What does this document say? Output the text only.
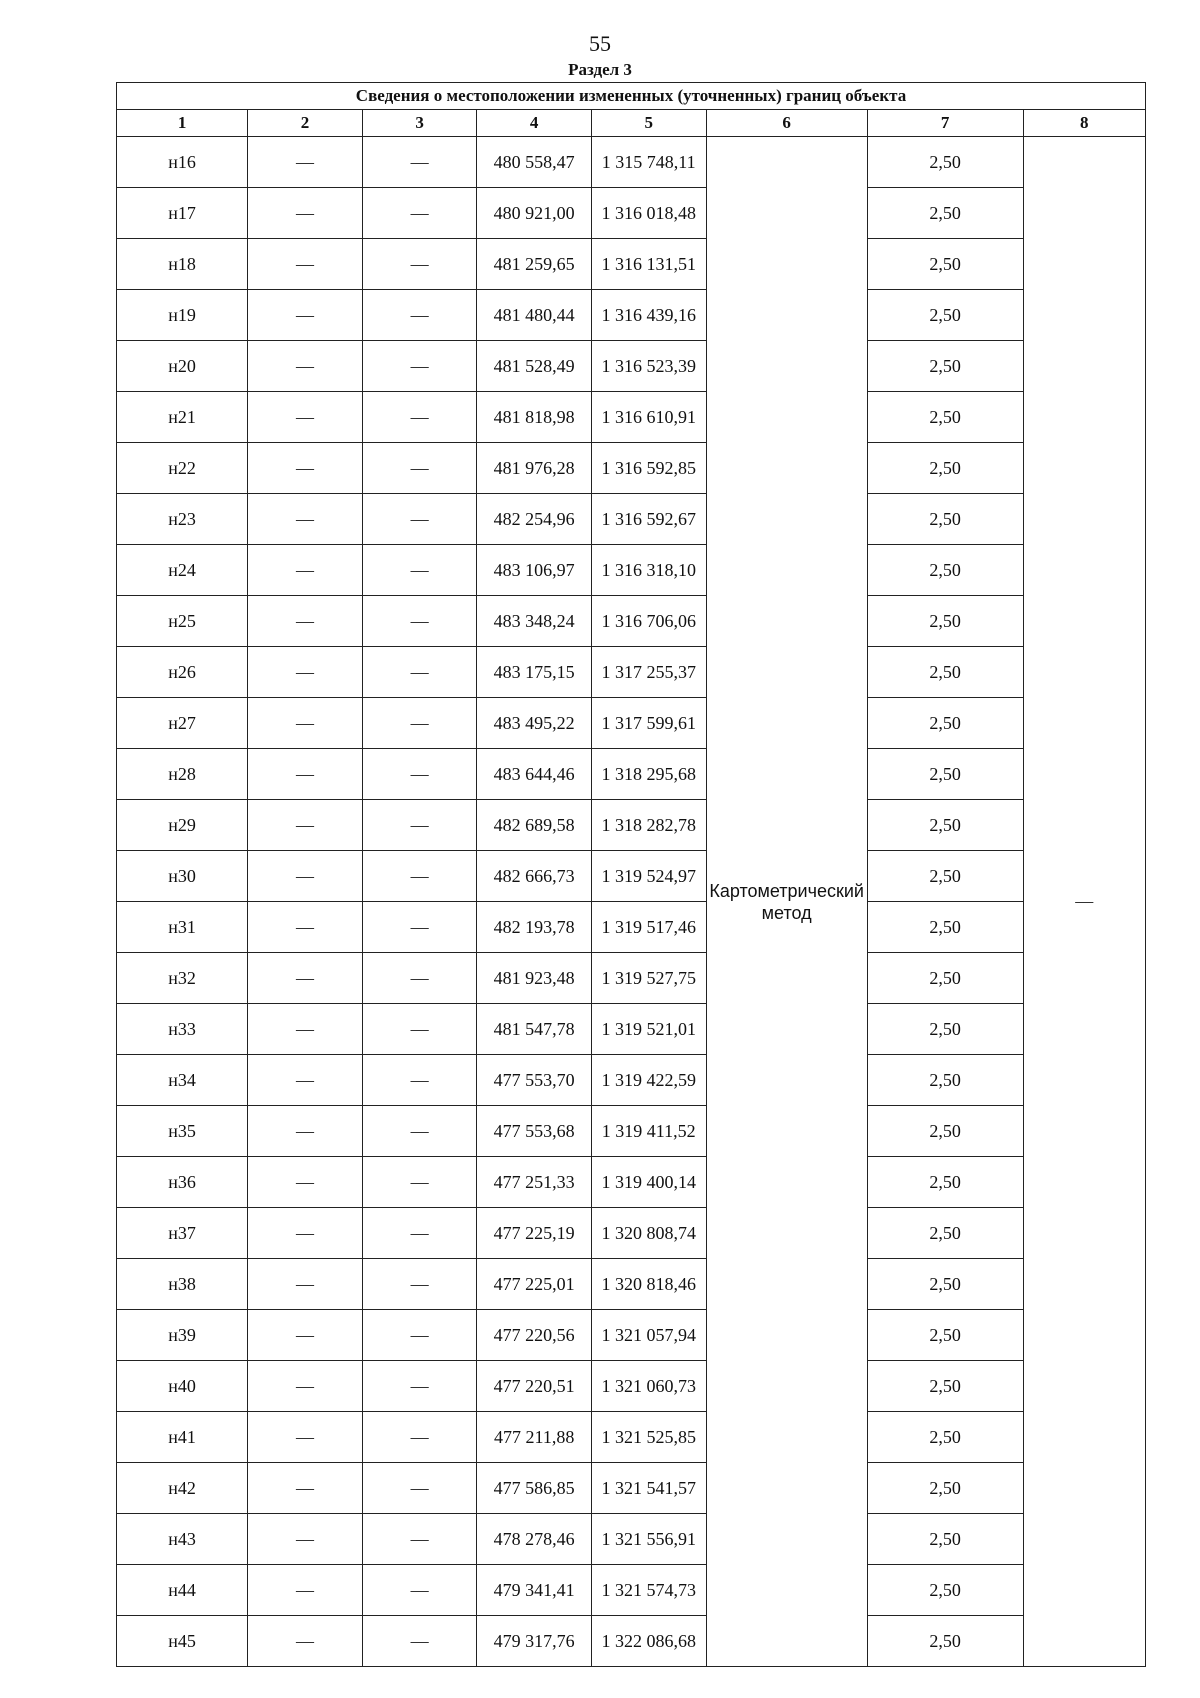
55
Раздел 3
Сведения о местоположении измененных (уточненных) границ объекта							
1	2	3	4	5	6	7	8
н16	—	—	480 558,47	1 315 748,11	Картометрический метод	2,50	—
н17	—	—	480 921,00	1 316 018,48		2,50	
н18	—	—	481 259,65	1 316 131,51		2,50	
н19	—	—	481 480,44	1 316 439,16		2,50	
н20	—	—	481 528,49	1 316 523,39		2,50	
н21	—	—	481 818,98	1 316 610,91		2,50	
н22	—	—	481 976,28	1 316 592,85		2,50	
н23	—	—	482 254,96	1 316 592,67		2,50	
н24	—	—	483 106,97	1 316 318,10		2,50	
н25	—	—	483 348,24	1 316 706,06		2,50	
н26	—	—	483 175,15	1 317 255,37		2,50	
н27	—	—	483 495,22	1 317 599,61		2,50	
н28	—	—	483 644,46	1 318 295,68		2,50	
н29	—	—	482 689,58	1 318 282,78		2,50	
н30	—	—	482 666,73	1 319 524,97		2,50	
н31	—	—	482 193,78	1 319 517,46		2,50	
н32	—	—	481 923,48	1 319 527,75		2,50	
н33	—	—	481 547,78	1 319 521,01		2,50	
н34	—	—	477 553,70	1 319 422,59		2,50	
н35	—	—	477 553,68	1 319 411,52		2,50	
н36	—	—	477 251,33	1 319 400,14		2,50	
н37	—	—	477 225,19	1 320 808,74		2,50	
н38	—	—	477 225,01	1 320 818,46		2,50	
н39	—	—	477 220,56	1 321 057,94		2,50	
н40	—	—	477 220,51	1 321 060,73		2,50	
н41	—	—	477 211,88	1 321 525,85		2,50	
н42	—	—	477 586,85	1 321 541,57		2,50	
н43	—	—	478 278,46	1 321 556,91		2,50	
н44	—	—	479 341,41	1 321 574,73		2,50	
н45	—	—	479 317,76	1 322 086,68		2,50	
